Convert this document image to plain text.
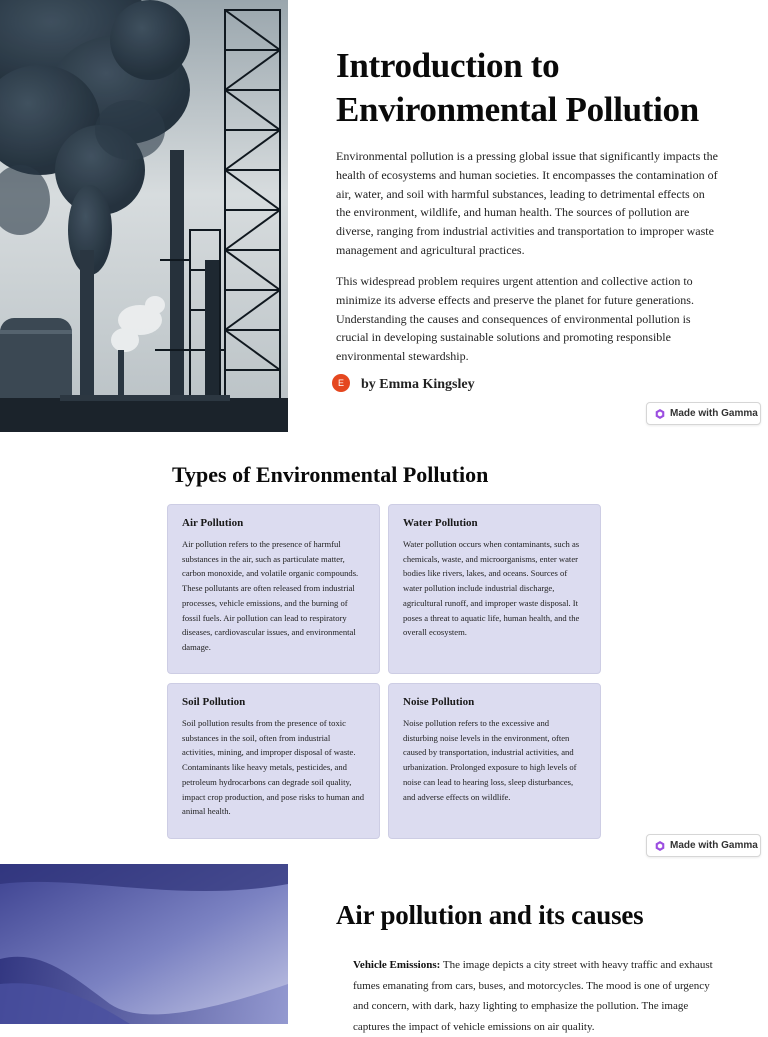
Introduction to Environmental Pollution

Environmental pollution is a pressing global issue that significantly impacts the health of ecosystems and human societies. It encompasses the contamination of air, water, and soil with harmful substances, leading to detrimental effects on the environment, wildlife, and human health. The sources of pollution are diverse, ranging from industrial activities and transportation to improper waste management and agricultural practices.

This widespread problem requires urgent attention and collective action to minimize its adverse effects and preserve the planet for future generations. Understanding the causes and consequences of environmental pollution is crucial in developing sustainable solutions and promoting responsible environmental stewardship.

E	by Emma Kingsley
Made with Gamma
Types of Environmental Pollution
Air Pollution
Air pollution refers to the presence of harmful substances in the air, such as particulate matter, carbon monoxide, and volatile organic compounds. These pollutants are often released from industrial processes, vehicle emissions, and the burning of fossil fuels. Air pollution can lead to respiratory diseases, cardiovascular issues, and environmental damage.
Water Pollution
Water pollution occurs when contaminants, such as chemicals, waste, and microorganisms, enter water bodies like rivers, lakes, and oceans. Sources of water pollution include industrial discharge, agricultural runoff, and improper waste disposal. It poses a threat to aquatic life, human health, and the overall ecosystem.
Soil Pollution
Soil pollution results from the presence of toxic substances in the soil, often from industrial activities, mining, and improper disposal of waste. Contaminants like heavy metals, pesticides, and petroleum hydrocarbons can degrade soil quality, impact crop production, and pose risks to human and animal health.
Noise Pollution
Noise pollution refers to the excessive and disturbing noise levels in the environment, often caused by transportation, industrial activities, and urbanization. Prolonged exposure to high levels of noise can lead to hearing loss, sleep disturbances, and adverse effects on wildlife.
Made with Gamma
Air pollution and its causes

Vehicle Emissions: The image depicts a city street with heavy traffic and exhaust fumes emanating from cars, buses, and motorcycles. The mood is one of urgency and concern, with dark, hazy lighting to emphasize the pollution. The image captures the impact of vehicle emissions on air quality.
